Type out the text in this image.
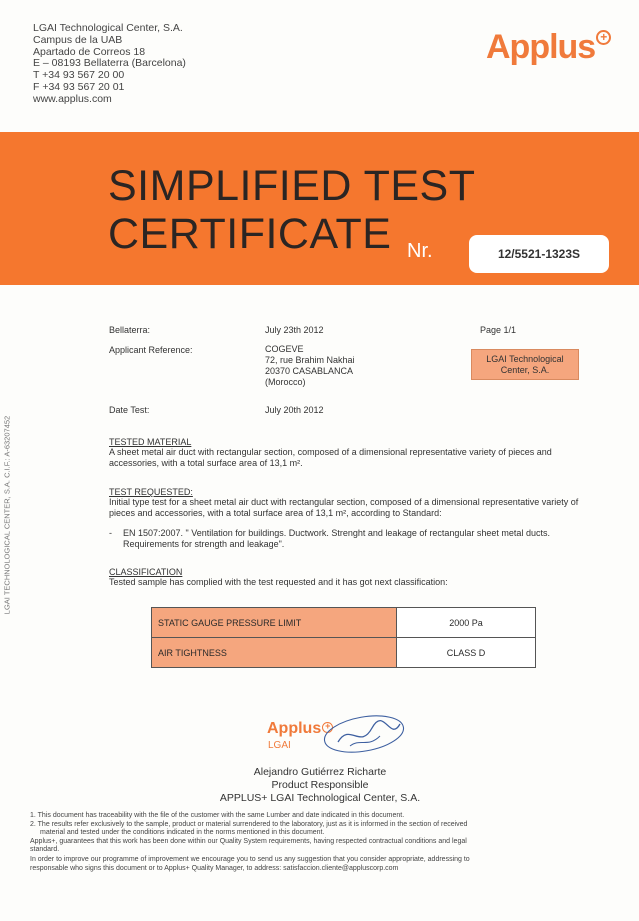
LGAI Technological Center, S.A.
Campus de la UAB
Apartado de Correos 18
E – 08193 Bellaterra (Barcelona)
T +34 93 567 20 00
F +34 93 567 20 01
www.applus.com
Applus +
SIMPLIFIED TEST
CERTIFICATE Nr.	12/5521-1323S
LGAI TECHNOLOGICAL CENTER, S.A. C.I.F.: A-63207452
Bellaterra:	July 23th 2012	Page 1/1
Applicant Reference:	COGEVE
72, rue Brahim Nakhai
20370 CASABLANCA
(Morocco)
LGAI Technological
Center, S.A.
Date Test:	July 20th 2012
TESTED MATERIAL
A sheet metal air duct with rectangular section, composed of a dimensional representative variety of pieces and accessories, with a total surface area of 13,1 m².
TEST REQUESTED:
Initial type test for a sheet metal air duct with rectangular section, composed of a dimensional representative variety of pieces and accessories, with a total surface area of 13,1 m², according to Standard:
- EN 1507:2007. " Ventilation for buildings. Ductwork. Strenght and leakage of rectangular sheet metal ducts. Requirements for strength and leakage".
CLASSIFICATION
Tested sample has complied with the test requested and it has got next classification:
STATIC GAUGE PRESSURE LIMIT	2000 Pa
AIR TIGHTNESS	CLASS D
Applus +
LGAI
Alejandro Gutiérrez Richarte
Product Responsible
APPLUS+ LGAI Technological Center, S.A.
1. This document has traceability with the file of the customer with the same Lumber and date indicated in this document.
2. The results refer exclusively to the sample, product or material surrendered to the laboratory, just as it is informed in the section of received
material and tested under the conditions indicated in the norms mentioned in this document.
Applus+, guarantees that this work has been done within our Quality System requirements, having respected contractual conditions and legal
standard.
In order to improve our programme of improvement we encourage you to send us any suggestion that you consider appropriate, addressing to
responsable who signs this document or to Applus+ Quality Manager, to address: satisfaccion.cliente@appluscorp.com
